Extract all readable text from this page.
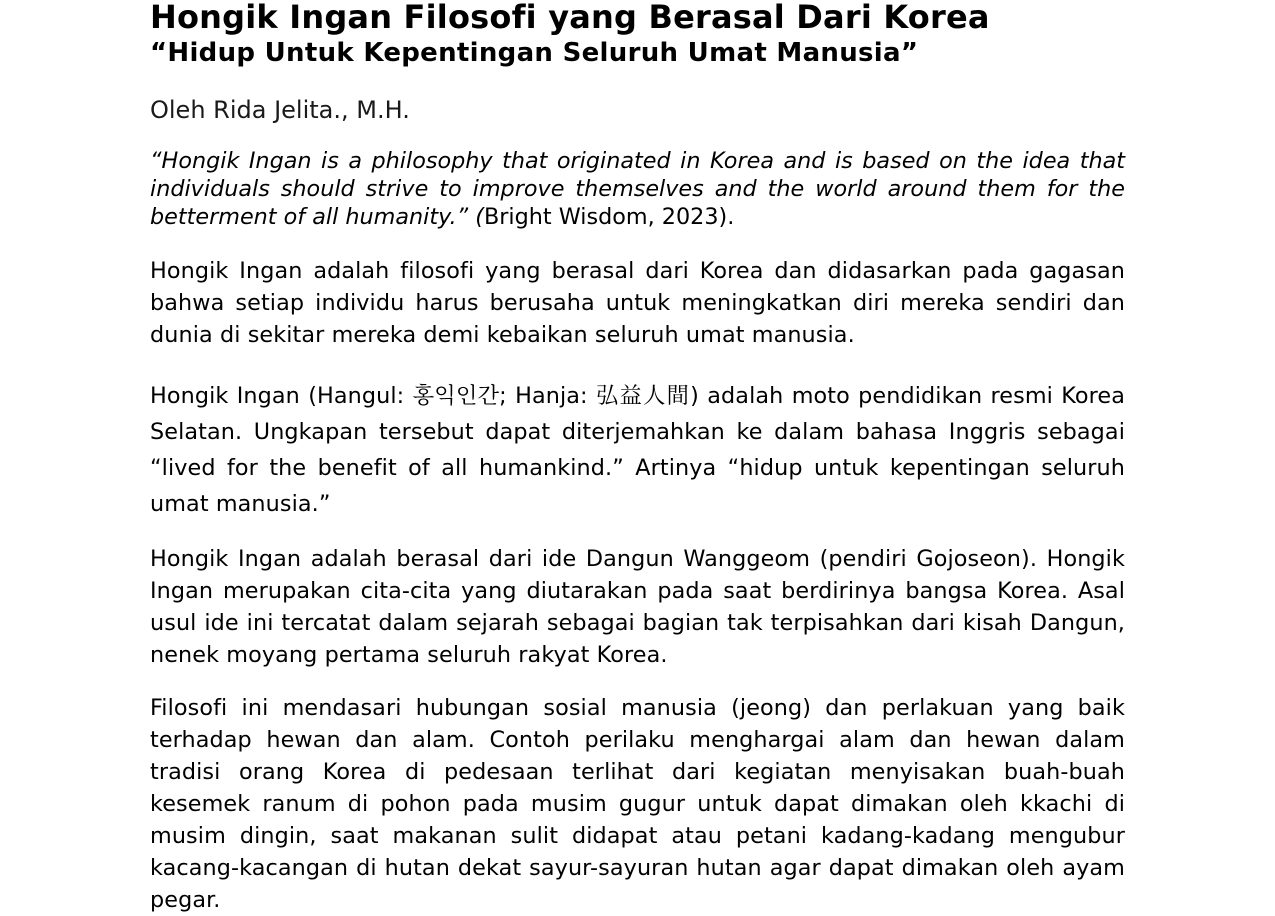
Hongik Ingan Filosofi yang Berasal Dari Korea
“Hidup Untuk Kepentingan Seluruh Umat Manusia”

Oleh Rida Jelita., M.H.

“Hongik Ingan is a philosophy that originated in Korea and is based on the idea that individuals should strive to improve themselves and the world around them for the betterment of all humanity.” (Bright Wisdom, 2023).

Hongik Ingan adalah filosofi yang berasal dari Korea dan didasarkan pada gagasan bahwa setiap individu harus berusaha untuk meningkatkan diri mereka sendiri dan dunia di sekitar mereka demi kebaikan seluruh umat manusia.

Hongik Ingan (Hangul: 홍익인간; Hanja: 弘益人間) adalah moto pendidikan resmi Korea Selatan. Ungkapan tersebut dapat diterjemahkan ke dalam bahasa Inggris sebagai “lived for the benefit of all humankind.” Artinya “hidup untuk kepentingan seluruh umat manusia.”

Hongik Ingan adalah berasal dari ide Dangun Wanggeom (pendiri Gojoseon). Hongik Ingan merupakan cita-cita yang diutarakan pada saat berdirinya bangsa Korea. Asal usul ide ini tercatat dalam sejarah sebagai bagian tak terpisahkan dari kisah Dangun, nenek moyang pertama seluruh rakyat Korea.

Filosofi ini mendasari hubungan sosial manusia (jeong) dan perlakuan yang baik terhadap hewan dan alam. Contoh perilaku menghargai alam dan hewan dalam tradisi orang Korea di pedesaan terlihat dari kegiatan menyisakan buah-buah kesemek ranum di pohon pada musim gugur untuk dapat dimakan oleh kkachi di musim dingin, saat makanan sulit didapat atau petani kadang-kadang mengubur kacang-kacangan di hutan dekat sayur-sayuran hutan agar dapat dimakan oleh ayam pegar.
